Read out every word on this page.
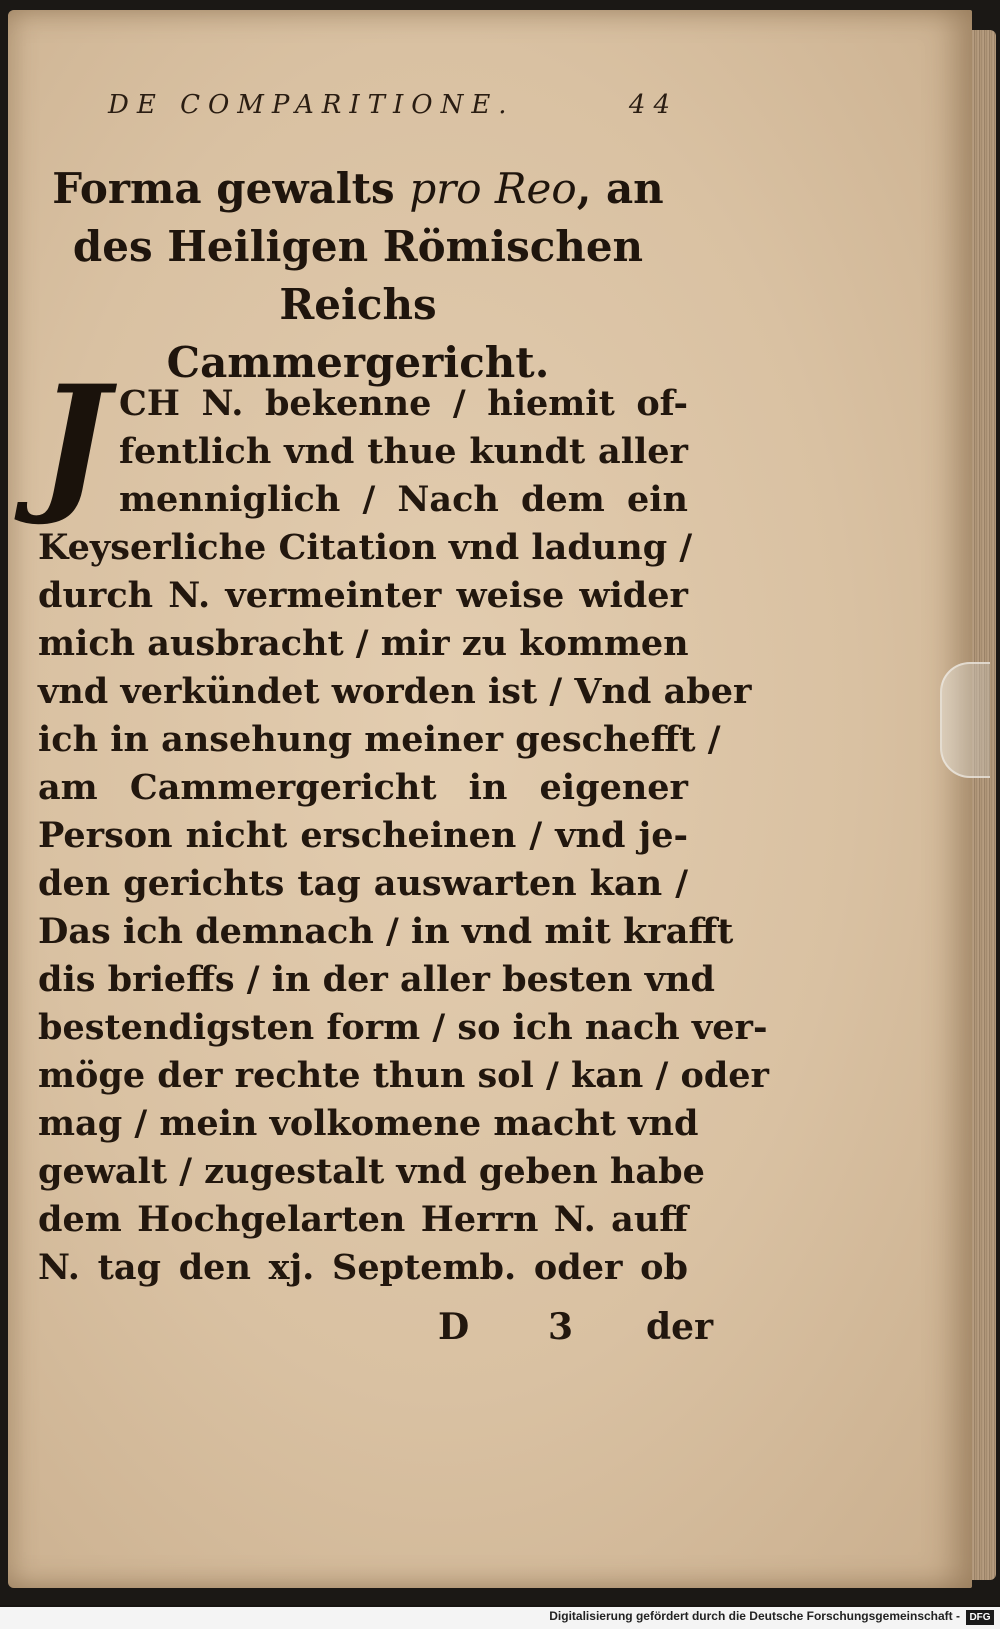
DE COMPARITIONE.	44
Forma gewalts pro Reo, an
des Heiligen Römischen Reichs
Cammergericht.
J CH N. bekenne / hiemit of-
fentlich vnd thue kundt aller
menniglich / Nach dem ein
Keyserliche Citation vnd ladung /
durch N. vermeinter weise wider
mich ausbracht / mir zu kommen
vnd verkündet worden ist / Vnd aber
ich in ansehung meiner geschefft /
am Cammergericht in eigener
Person nicht erscheinen / vnd je-
den gerichts tag auswarten kan /
Das ich demnach / in vnd mit krafft
dis brieffs / in der aller besten vnd
bestendigsten form / so ich nach ver-
möge der rechte thun sol / kan / oder
mag / mein volkomene macht vnd
gewalt / zugestalt vnd geben habe
dem Hochgelarten Herrn N. auff
N. tag den xj. Septemb. oder ob
D 3 der
Digitalisierung gefördert durch die Deutsche Forschungsgemeinschaft - DFG
